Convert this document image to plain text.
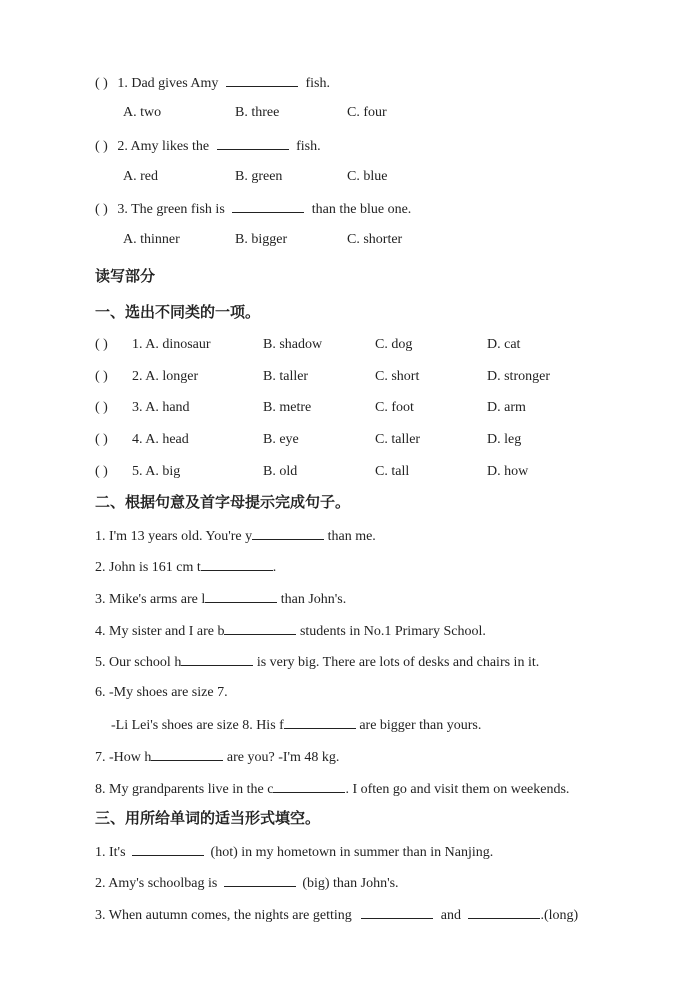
( ) 1. Dad gives Amy	fish.
A. two	B. three	C. four
( ) 2. Amy likes the	fish.
A. red	B. green	C. blue
( ) 3. The green fish is	than the blue one.
A. thinner	B. bigger	C. shorter
读写部分
一、选出不同类的一项。
( ) 1. A. dinosaur	B. shadow	C. dog	D. cat
( ) 2. A. longer	B. taller	C. short	D. stronger
( ) 3. A. hand	B. metre	C. foot	D. arm
( ) 4. A. head	B. eye	C. taller	D. leg
( ) 5. A. big	B. old	C. tall	D. how
二、根据句意及首字母提示完成句子。
1. I'm 13 years old. You're y	than me.
2. John is 161 cm t	.
3. Mike's arms are l	than John's.
4. My sister and I are b	students in No.1 Primary School.
5. Our school h	is very big. There are lots of desks and chairs in it.
6. -My shoes are size 7.
-Li Lei's shoes are size 8. His f	are bigger than yours.
7. -How h	are you? -I'm 48 kg.
8. My grandparents live in the c	. I often go and visit them on weekends.
三、用所给单词的适当形式填空。
1. It's	(hot) in my hometown in summer than in Nanjing.
2. Amy's schoolbag is	(big) than John's.
3. When autumn comes, the nights are getting	and	.(long)
